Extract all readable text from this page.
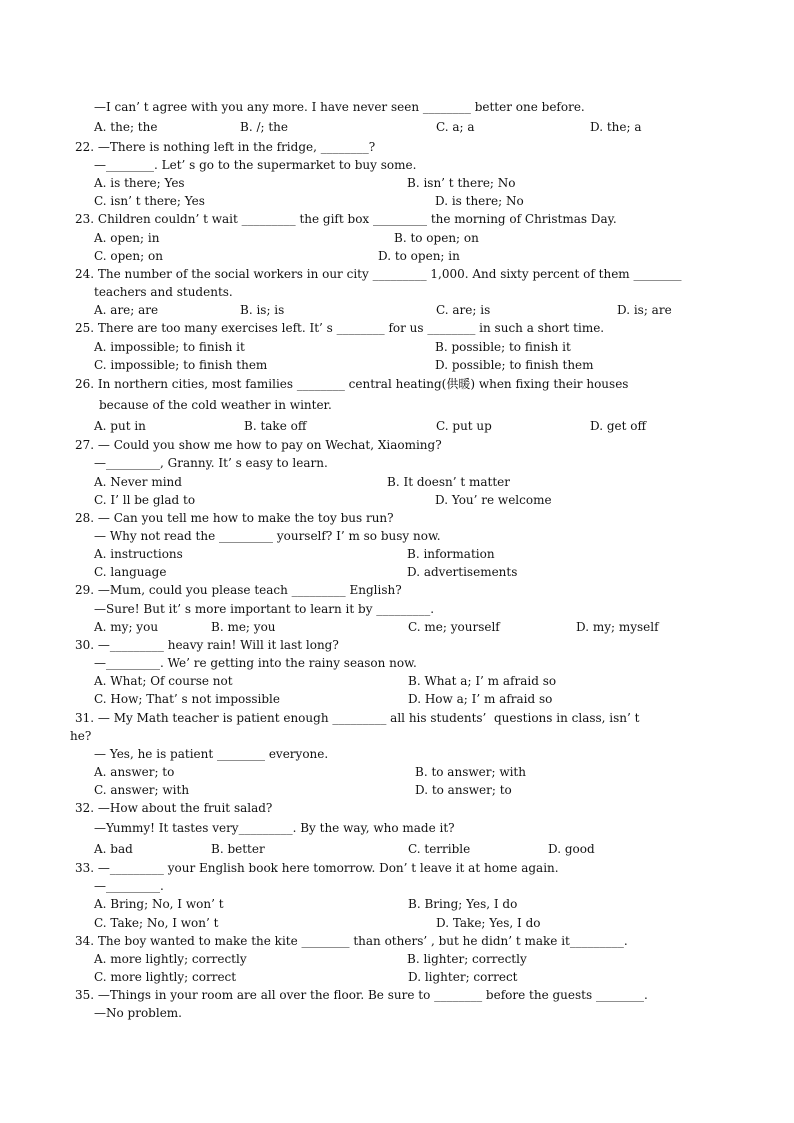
—I can’ t agree with you any more. I have never seen ________ better one before.
A. the; the	B. /; the	C. a; a	D. the; a
22. —There is nothing left in the fridge, ________?
—________. Let’ s go to the supermarket to buy some.
A. is there; Yes	B. isn’ t there; No
C. isn’ t there; Yes	D. is there; No
23. Children couldn’ t wait _________ the gift box _________ the morning of Christmas Day.
A. open; in	B. to open; on
C. open; on	D. to open; in
24. The number of the social workers in our city _________ 1,000. And sixty percent of them ________
teachers and students.
A. are; are	B. is; is	C. are; is	D. is; are
25. There are too many exercises left. It’ s ________ for us ________ in such a short time.
A. impossible; to finish it	B. possible; to finish it
C. impossible; to finish them	D. possible; to finish them
26. In northern cities, most families ________ central heating(供暖) when fixing their houses
because of the cold weather in winter.
A. put in	B. take off	C. put up	D. get off
27. — Could you show me how to pay on Wechat, Xiaoming?
—_________, Granny. It’ s easy to learn.
A. Never mind	B. It doesn’ t matter
C. I’ ll be glad to	D. You’ re welcome
28. — Can you tell me how to make the toy bus run?
— Why not read the _________ yourself? I’ m so busy now.
A. instructions	B. information
C. language	D. advertisements
29. —Mum, could you please teach _________ English?
—Sure! But it’ s more important to learn it by _________.
A. my; you	B. me; you	C. me; yourself	D. my; myself
30. —_________ heavy rain! Will it last long?
—_________. We’ re getting into the rainy season now.
A. What; Of course not	B. What a; I’ m afraid so
C. How; That’ s not impossible	D. How a; I’ m afraid so
31. — My Math teacher is patient enough _________ all his students’  questions in class, isn’ t
he?
— Yes, he is patient ________ everyone.
A. answer; to	B. to answer; with
C. answer; with	D. to answer; to
32. —How about the fruit salad?
—Yummy! It tastes very_________. By the way, who made it?
A. bad	B. better	C. terrible	D. good
33. —_________ your English book here tomorrow. Don’ t leave it at home again.
—_________.
A. Bring; No, I won’ t	B. Bring; Yes, I do
C. Take; No, I won’ t	D. Take; Yes, I do
34. The boy wanted to make the kite ________ than others’ , but he didn’ t make it_________.
A. more lightly; correctly	B. lighter; correctly
C. more lightly; correct	D. lighter; correct
35. —Things in your room are all over the floor. Be sure to ________ before the guests ________.
—No problem.
